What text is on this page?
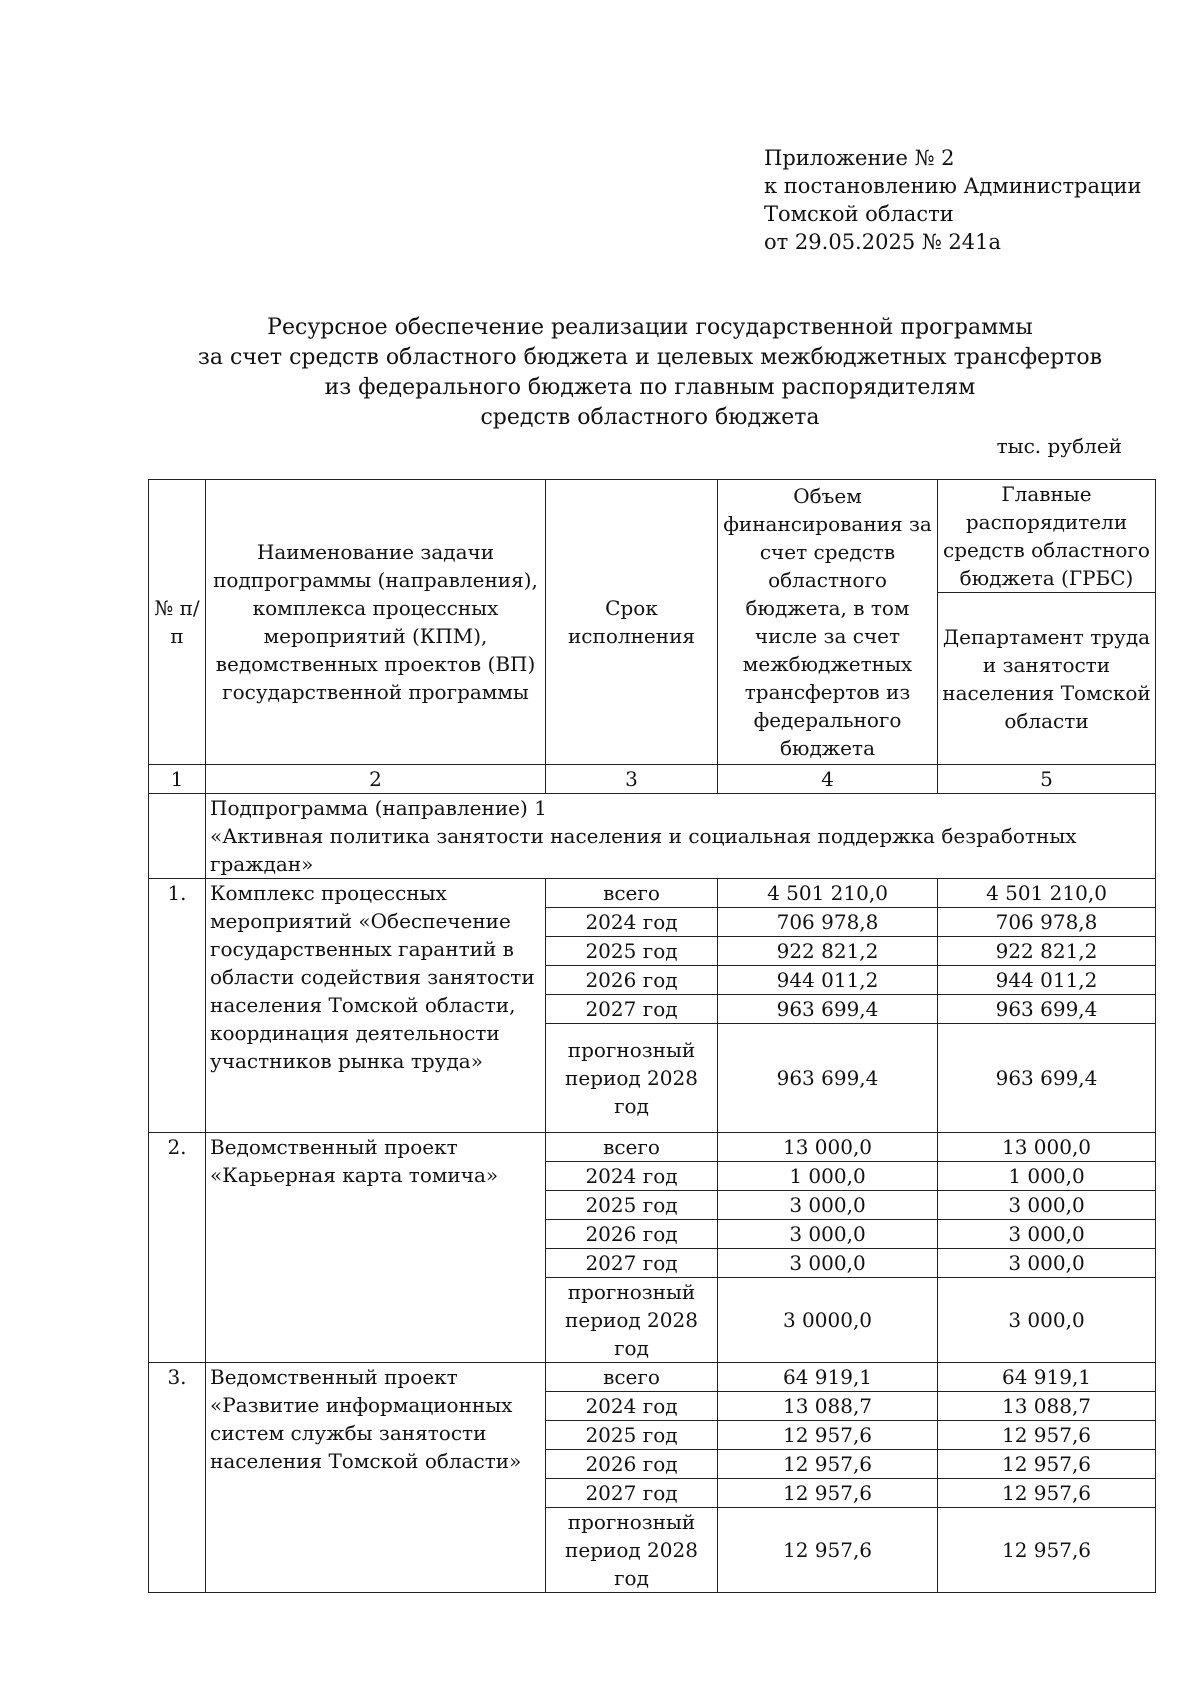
Приложение № 2
к постановлению Администрации
Томской области
от 29.05.2025 № 241а
Ресурсное обеспечение реализации государственной программы
за счет средств областного бюджета и целевых межбюджетных трансфертов
из федерального бюджета по главным распорядителям
средств областного бюджета
тыс. рублей
№ п/п	Наименование задачи подпрограммы (направления), комплекса процессных мероприятий (КПМ), ведомственных проектов (ВП) государственной программы	Срок исполнения	Объем финансирования за счет средств областного бюджета, в том числе за счет межбюджетных трансфертов из федерального бюджета	Главные распорядители средств областного бюджета (ГРБС)
				Департамент труда и занятости населения Томской области
1	2	3	4	5

	Подпрограмма (направление) 1
«Активная политика занятости населения и социальная поддержка безработных граждан»			

1.	Комплекс процессных мероприятий «Обеспечение государственных гарантий в области содействия занятости населения Томской области, координация деятельности участников рынка труда»	всего	4 501 210,0	4 501 210,0
		2024 год	706 978,8	706 978,8
		2025 год	922 821,2	922 821,2
		2026 год	944 011,2	944 011,2
		2027 год	963 699,4	963 699,4
		прогнозный период 2028 год	963 699,4	963 699,4
2.	Ведомственный проект «Карьерная карта томича»	всего	13 000,0	13 000,0
		2024 год	1 000,0	1 000,0
		2025 год	3 000,0	3 000,0
		2026 год	3 000,0	3 000,0
		2027 год	3 000,0	3 000,0
		прогнозный период 2028 год	3 0000,0	3 000,0
3.	Ведомственный проект «Развитие информационных систем службы занятости населения Томской области»	всего	64 919,1	64 919,1
		2024 год	13 088,7	13 088,7
		2025 год	12 957,6	12 957,6
		2026 год	12 957,6	12 957,6
		2027 год	12 957,6	12 957,6
		прогнозный период 2028 год	12 957,6	12 957,6
